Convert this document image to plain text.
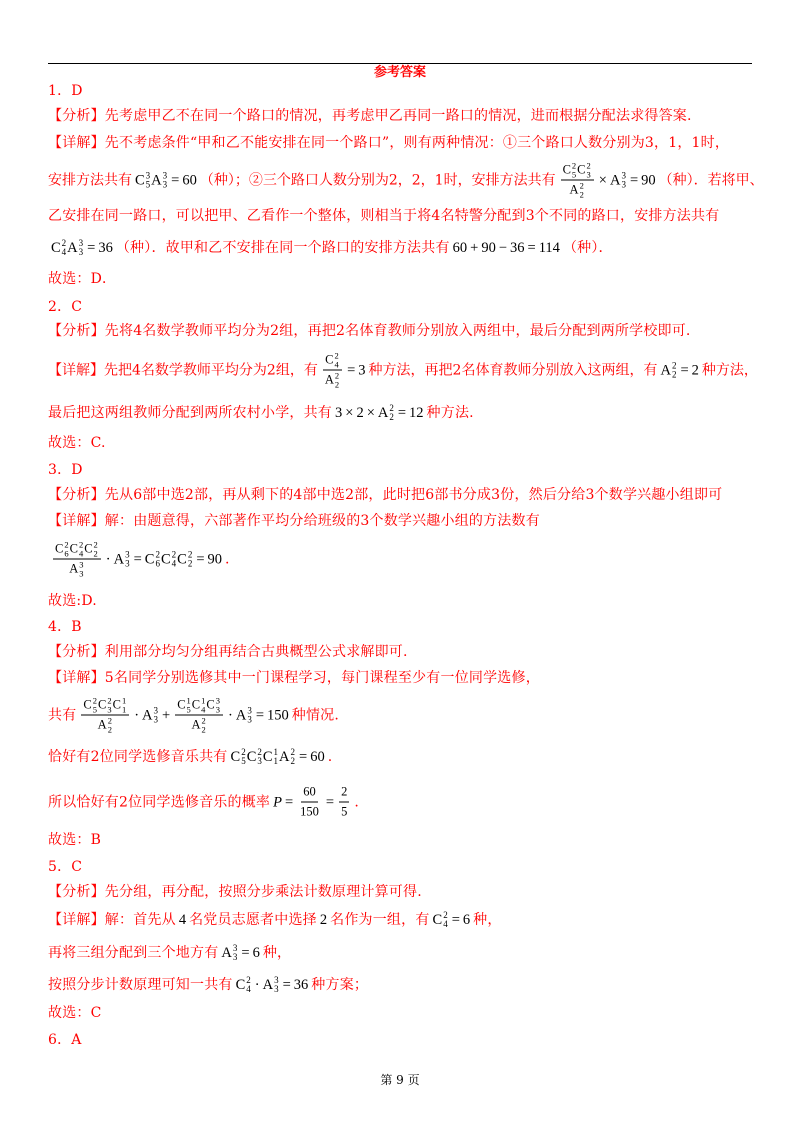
参考答案
1．D
【分析】先考虑甲乙不在同一个路口的情况，再考虑甲乙再同一路口的情况，进而根据分配法求得答案.
【详解】先不考虑条件“甲和乙不能安排在同一个路口”，则有两种情况：①三个路口人数分别为3，1，1时，
安排方法共有 C 3
5 A 3
3 = 60 （种）；②三个路口人数分别为2，2，1时，安排方法共有 C 2
5 C 2
3
A 2
2 × A 3
3 = 90 （种）．若将甲、
乙安排在同一路口，可以把甲、乙看作一个整体，则相当于将4名特警分配到3个不同的路口，安排方法共有
C 2
4 A 3
3 = 36 （种）．故甲和乙不安排在同一个路口的安排方法共有 60 + 90 − 36 = 114 （种）．
故选：D．
2．C
【分析】先将4名数学教师平均分为2组，再把2名体育教师分别放入两组中，最后分配到两所学校即可.
【详解】先把4名数学教师平均分为2组，有 C 2
4
A 2
2 = 3 种方法，再把2名体育教师分别放入这两组，有 A 2
2 = 2 种方法，
最后把这两组教师分配到两所农村小学，共有 3 × 2 × A 2
2 = 12 种方法.
故选：C.
3．D
【分析】先从6部中选2部，再从剩下的4部中选2部，此时把6部书分成3份，然后分给3个数学兴趣小组即可
【详解】解：由题意得，六部著作平均分给班级的3个数学兴趣小组的方法数有
C 2
6 C 2
4 C 2
2
A 3
3 · A 3
3 = C 2
6 C 2
4 C 2
2 = 90 .
故选:D.
4．B
【分析】利用部分均匀分组再结合古典概型公式求解即可.
【详解】5名同学分别选修其中一门课程学习，每门课程至少有一位同学选修，
共有 C 2
5 C 2
3 C 1
1
A 2
2 · A 3
3 + C 1
5 C 1
4 C 3
3
A 2
2 · A 3
3 = 150 种情况.
恰好有2位同学选修音乐共有 C 2
5 C 2
3 C 1
1 A 2
2 = 60 .
所以恰好有2位同学选修音乐的概率 $P = \frac{60}{150} = \frac{2}{5}$ .
故选：B
5．C
【分析】先分组，再分配，按照分步乘法计数原理计算可得.
【详解】解：首先从 4 名党员志愿者中选择 2 名作为一组，有 C 2
4 = 6 种，
再将三组分配到三个地方有 A 3
3 = 6 种，
按照分步计数原理可知一共有 C 2
4 · A 3
3 = 36 种方案；
故选：C
6．A
第 9 页
